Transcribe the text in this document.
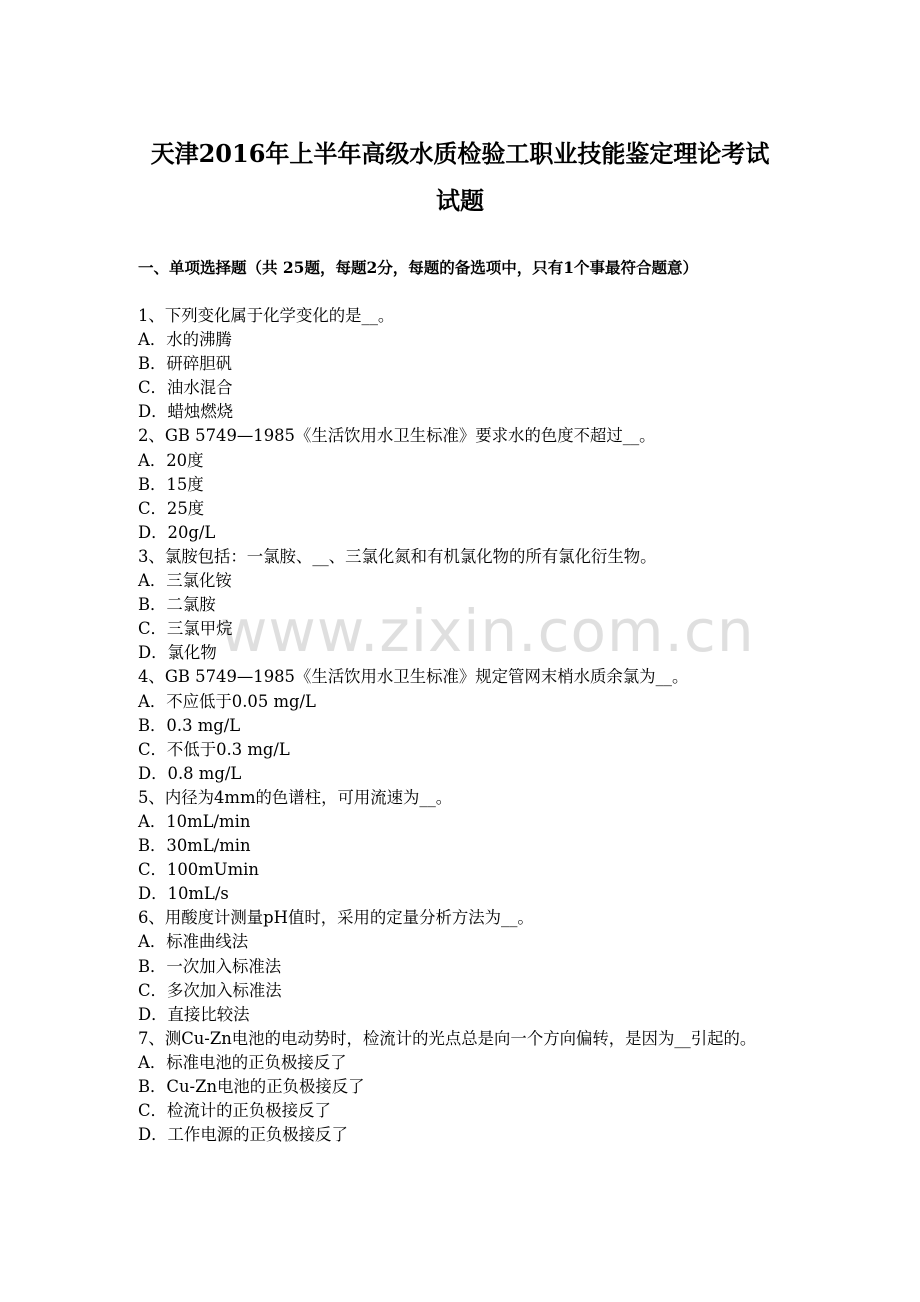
天津2016年上半年高级水质检验工职业技能鉴定理论考试
试题
一、单项选择题（共 25题，每题2分，每题的备选项中，只有1个事最符合题意）
1、下列变化属于化学变化的是__。
A．水的沸腾
B．研碎胆矾
C．油水混合
D．蜡烛燃烧
2、GB 5749—1985《生活饮用水卫生标准》要求水的色度不超过__。
A．20度
B．15度
C．25度
D．20g/L
3、氯胺包括：一氯胺、__、三氯化氮和有机氯化物的所有氯化衍生物。
A．三氯化铵
B．二氯胺
C．三氯甲烷
D．氯化物
4、GB 5749—1985《生活饮用水卫生标准》规定管网末梢水质余氯为__。
A．不应低于0.05 mg/L
B．0.3 mg/L
C．不低于0.3 mg/L
D．0.8 mg/L
5、内径为4mm的色谱柱，可用流速为__。
A．10mL/min
B．30mL/min
C．100mUmin
D．10mL/s
6、用酸度计测量pH值时，采用的定量分析方法为__。
A．标准曲线法
B．一次加入标准法
C．多次加入标准法
D．直接比较法
7、测Cu-Zn电池的电动势时，检流计的光点总是向一个方向偏转，是因为__引起的。
A．标准电池的正负极接反了
B．Cu-Zn电池的正负极接反了
C．检流计的正负极接反了
D．工作电源的正负极接反了
www.zixin.com.cn
